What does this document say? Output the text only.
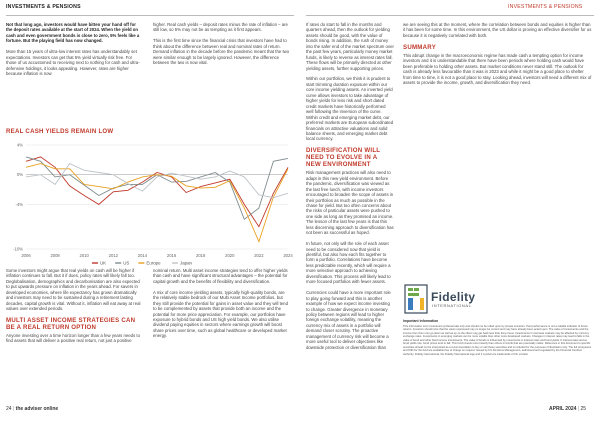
INVESTMENTS & PENSIONS	INVESTMENTS & PENSIONS

Not that long ago, investors would have bitten your hand off for the deposit rates available at the start of 2024. When the yield on cash and even government bonds is close to zero, 5% feels like a fortune. But the playing field has now changed.

More than 15 years of ultra-low interest rates has understandably set expectations. Investors can get that 5% yield virtually risk free. For those of us accustomed to receiving next to nothing for cash and ultra-defensive holdings, it looks appealing. However, rates are higher because inflation is now

higher. Real cash yields – deposit rates minus the rate of inflation – are still low, so 5% may not be as tempting as it first appears.

This is the first time since the financial crisis that investors have had to think about the difference between real and nominal rates of return. Demand inflation in the decade before the pandemic meant that the two were similar enough to be largely ignored. However, the difference between the two is now vital.

REAL CASH YIELDS REMAIN LOW
4%
0%
-4%
-10%
2006	2008	2010	2012	2014	2016	2018	2020	2022	2024
UK	US	Europe	Japan

Some investors might argue that real yields on cash will be higher if inflation continues to fall. But it if does, policy rates will likely fall too. Deglobalisation, demographics and decarbonisation are also expected to put upwards pressure on inflation in the years ahead. For savers in developed economies, where life expectancy has grown dramatically and investors may need to be sustained during a retirement lasting decades, capital growth is vital. Without it, inflation will eat away at real values over extended periods.

MULTI ASSET INCOME STRATEGIES CAN BE A REAL RETURN OPTION

Anyone investing over a time horizon longer than a few years needs to find assets that will deliver a positive real return, not just a positive

nominal return. Multi asset income strategies tend to offer higher yields than cash and have significant structural advantages – the potential for capital growth and the benefits of flexibility and diversification.

A mix of core income yielding assets, typically high-quality bonds, are the relatively stable bedrock of our Multi Asset Income portfolios, but they still provide the potential for gains in asset value and they will tend to be complemented by assets that provide both an income and the potential for more price appreciation. For example, our portfolios have exposure to hybrid bonds and US high yield bonds. We also utilise dividend paying equities in sectors where earnings growth will boost share prices over time, such as global healthcare or developed market energy.

If rates do start to fall in the months and quarters ahead, then the outlook for yielding assets should be good, with the value of bonds rising. In addition, the rush of money into the safer end of the market spectrum over the past few years, particularly money market funds, is likely to reverse as interest rates fall. These flows will be primarily directed at other yielding assets, further supporting prices.

Within our portfolios, we think it is prudent to start trimming duration exposure within our core income yielding assets. An inverted yield curve allows investors to take advantage of higher yields for less risk and short dated credit markets have historically performed well following the inversion of the curve. Within credit and emerging market debt, our preferred markets are European subordinated financials on attractive valuations and solid balance sheets, and emerging market debt local currency.

DIVERSIFICATION WILL NEED TO EVOLVE IN A NEW ENVIRONMENT

Risk management practices will also need to adapt in this new yield environment. Before the pandemic, diversification was viewed as the last free lunch, with income investors encouraged to broaden the scope of assets in their portfolios as much as possible in the chase for yield. But too often concerns about the risks of particular assets were pushed to one side as long as they promised an income. The lesson of the last few years is that this less discerning approach to diversification has not been as successful as hoped.

In future, not only will the role of each asset need to be considered now that yield is plentiful, but also how each fits together to form a portfolio. Correlations have become less predictable recently, which will require a more selective approach to achieving diversification. This process will likely lead to more focused portfolios with fewer assets.

Currencies could have a more important role to play going forward and this is another example of how we expect income investing to change. Greater divergence in monetary policy between regions will lead to higher foreign exchange volatility, meaning the currency mix of assets in a portfolio will demand closer scrutiny. The proactive management of currency risk will become a more useful tool to deliver objectives like downside protection or diversification than

we are seeing this at the moment, where the correlation between bonds and equities is higher than it has been for some time. In this environment, the US dollar is proving an effective diversifier for us because it is negatively correlated with both.

SUMMARY

This abrupt change in the macroeconomic regime has made cash a tempting option for income investors and it is understandable that there have been periods where holding cash would have been preferable to holding other assets. But market conditions never stand still. The outlook for cash is already less favourable than it was in 2023 and while it might be a good place to shelter from time to time, it is not a good place to stay. Looking ahead, investors will need a different mix of assets to provide the income, growth, and diversification they need.

Fidelity
INTERNATIONAL
Important information
This information is for investment professionals only and should not be relied upon by private investors. Past performance is not a reliable indicator of future returns. Investors should note that the views expressed may no longer be current and may have already been acted upon. The value of investments and the income from them can go down as well as up so the client may get back less than they invest. Investments in overseas markets may be affected by currency exchange rates. Investments in emerging markets can be more volatile than other more developed markets. Changes in interest rates may lead to falls in the value of bond and other fixed income investments. The value of bonds is influenced by movements in interest rates and bond yields. If interest rates and so bond yields rise, bond prices tend to fall. This fund invests more heavily than others in bonds that are potentially riskier. Reference in this document to specific securities should not be interpreted as a recommendation to buy or sell these securities and is included for the purposes of illustration only. The full prospectus and KIID for the fund are available free of charge on request. Issued by FIL Pensions Management, authorised and regulated by the Financial Conduct Authority. Fidelity International, the Fidelity International logo and F symbol are trademarks of FIL Limited.
24 | the adviser online	APRIL 2024 | 25
